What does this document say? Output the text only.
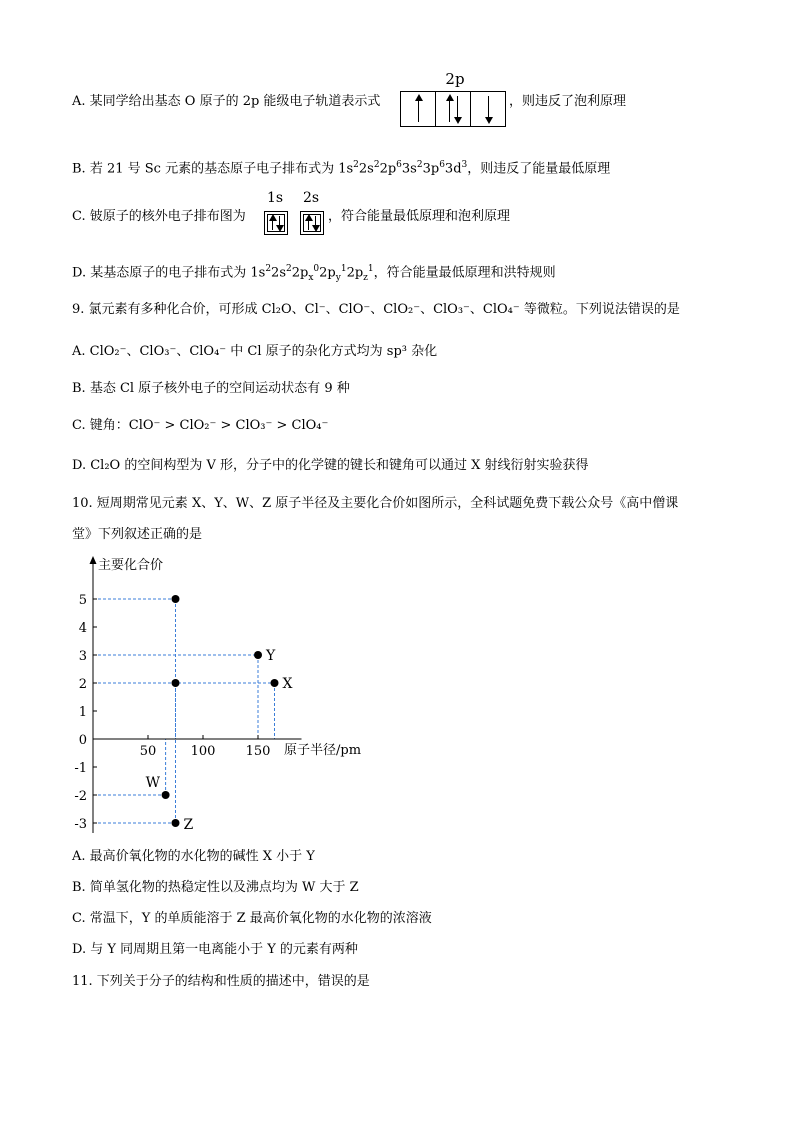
A. 某同学给出基态 O 原子的 2p 能级电子轨道表示式
2p
，则违反了泡利原理
B. 若 21 号 Sc 元素的基态原子电子排布式为 $1s^22s^22p^63s^23p^63d^3$，则违反了能量最低原理
C. 铍原子的核外电子排布图为
1s	2s
，符合能量最低原理和泡利原理
D. 某基态原子的电子排布式为 $1s^22s^22p_x^02p_y^12p_z^1$，符合能量最低原理和洪特规则
9. 氯元素有多种化合价，可形成 Cl₂O、Cl⁻、ClO⁻、ClO₂⁻、ClO₃⁻、ClO₄⁻ 等微粒。下列说法错误的是
A. ClO₂⁻、ClO₃⁻、ClO₄⁻ 中 Cl 原子的杂化方式均为 sp³ 杂化
B. 基态 Cl 原子核外电子的空间运动状态有 9 种
C. 键角：ClO⁻ > ClO₂⁻ > ClO₃⁻ > ClO₄⁻
D. Cl₂O 的空间构型为 V 形，分子中的化学键的键长和键角可以通过 X 射线衍射实验获得
10. 短周期常见元素 X、Y、W、Z 原子半径及主要化合价如图所示，全科试题免费下载公众号《高中僧课
堂》下列叙述正确的是
5
4
3
2
1
0
-1
-2
-3
50	100 150
Z
Y
X
W
主要化合价
原子半径/pm
A. 最高价氧化物的水化物的碱性 X 小于 Y
B. 简单氢化物的热稳定性以及沸点均为 W 大于 Z
C. 常温下，Y 的单质能溶于 Z 最高价氧化物的水化物的浓溶液
D. 与 Y 同周期且第一电离能小于 Y 的元素有两种
11. 下列关于分子的结构和性质的描述中，错误的是
